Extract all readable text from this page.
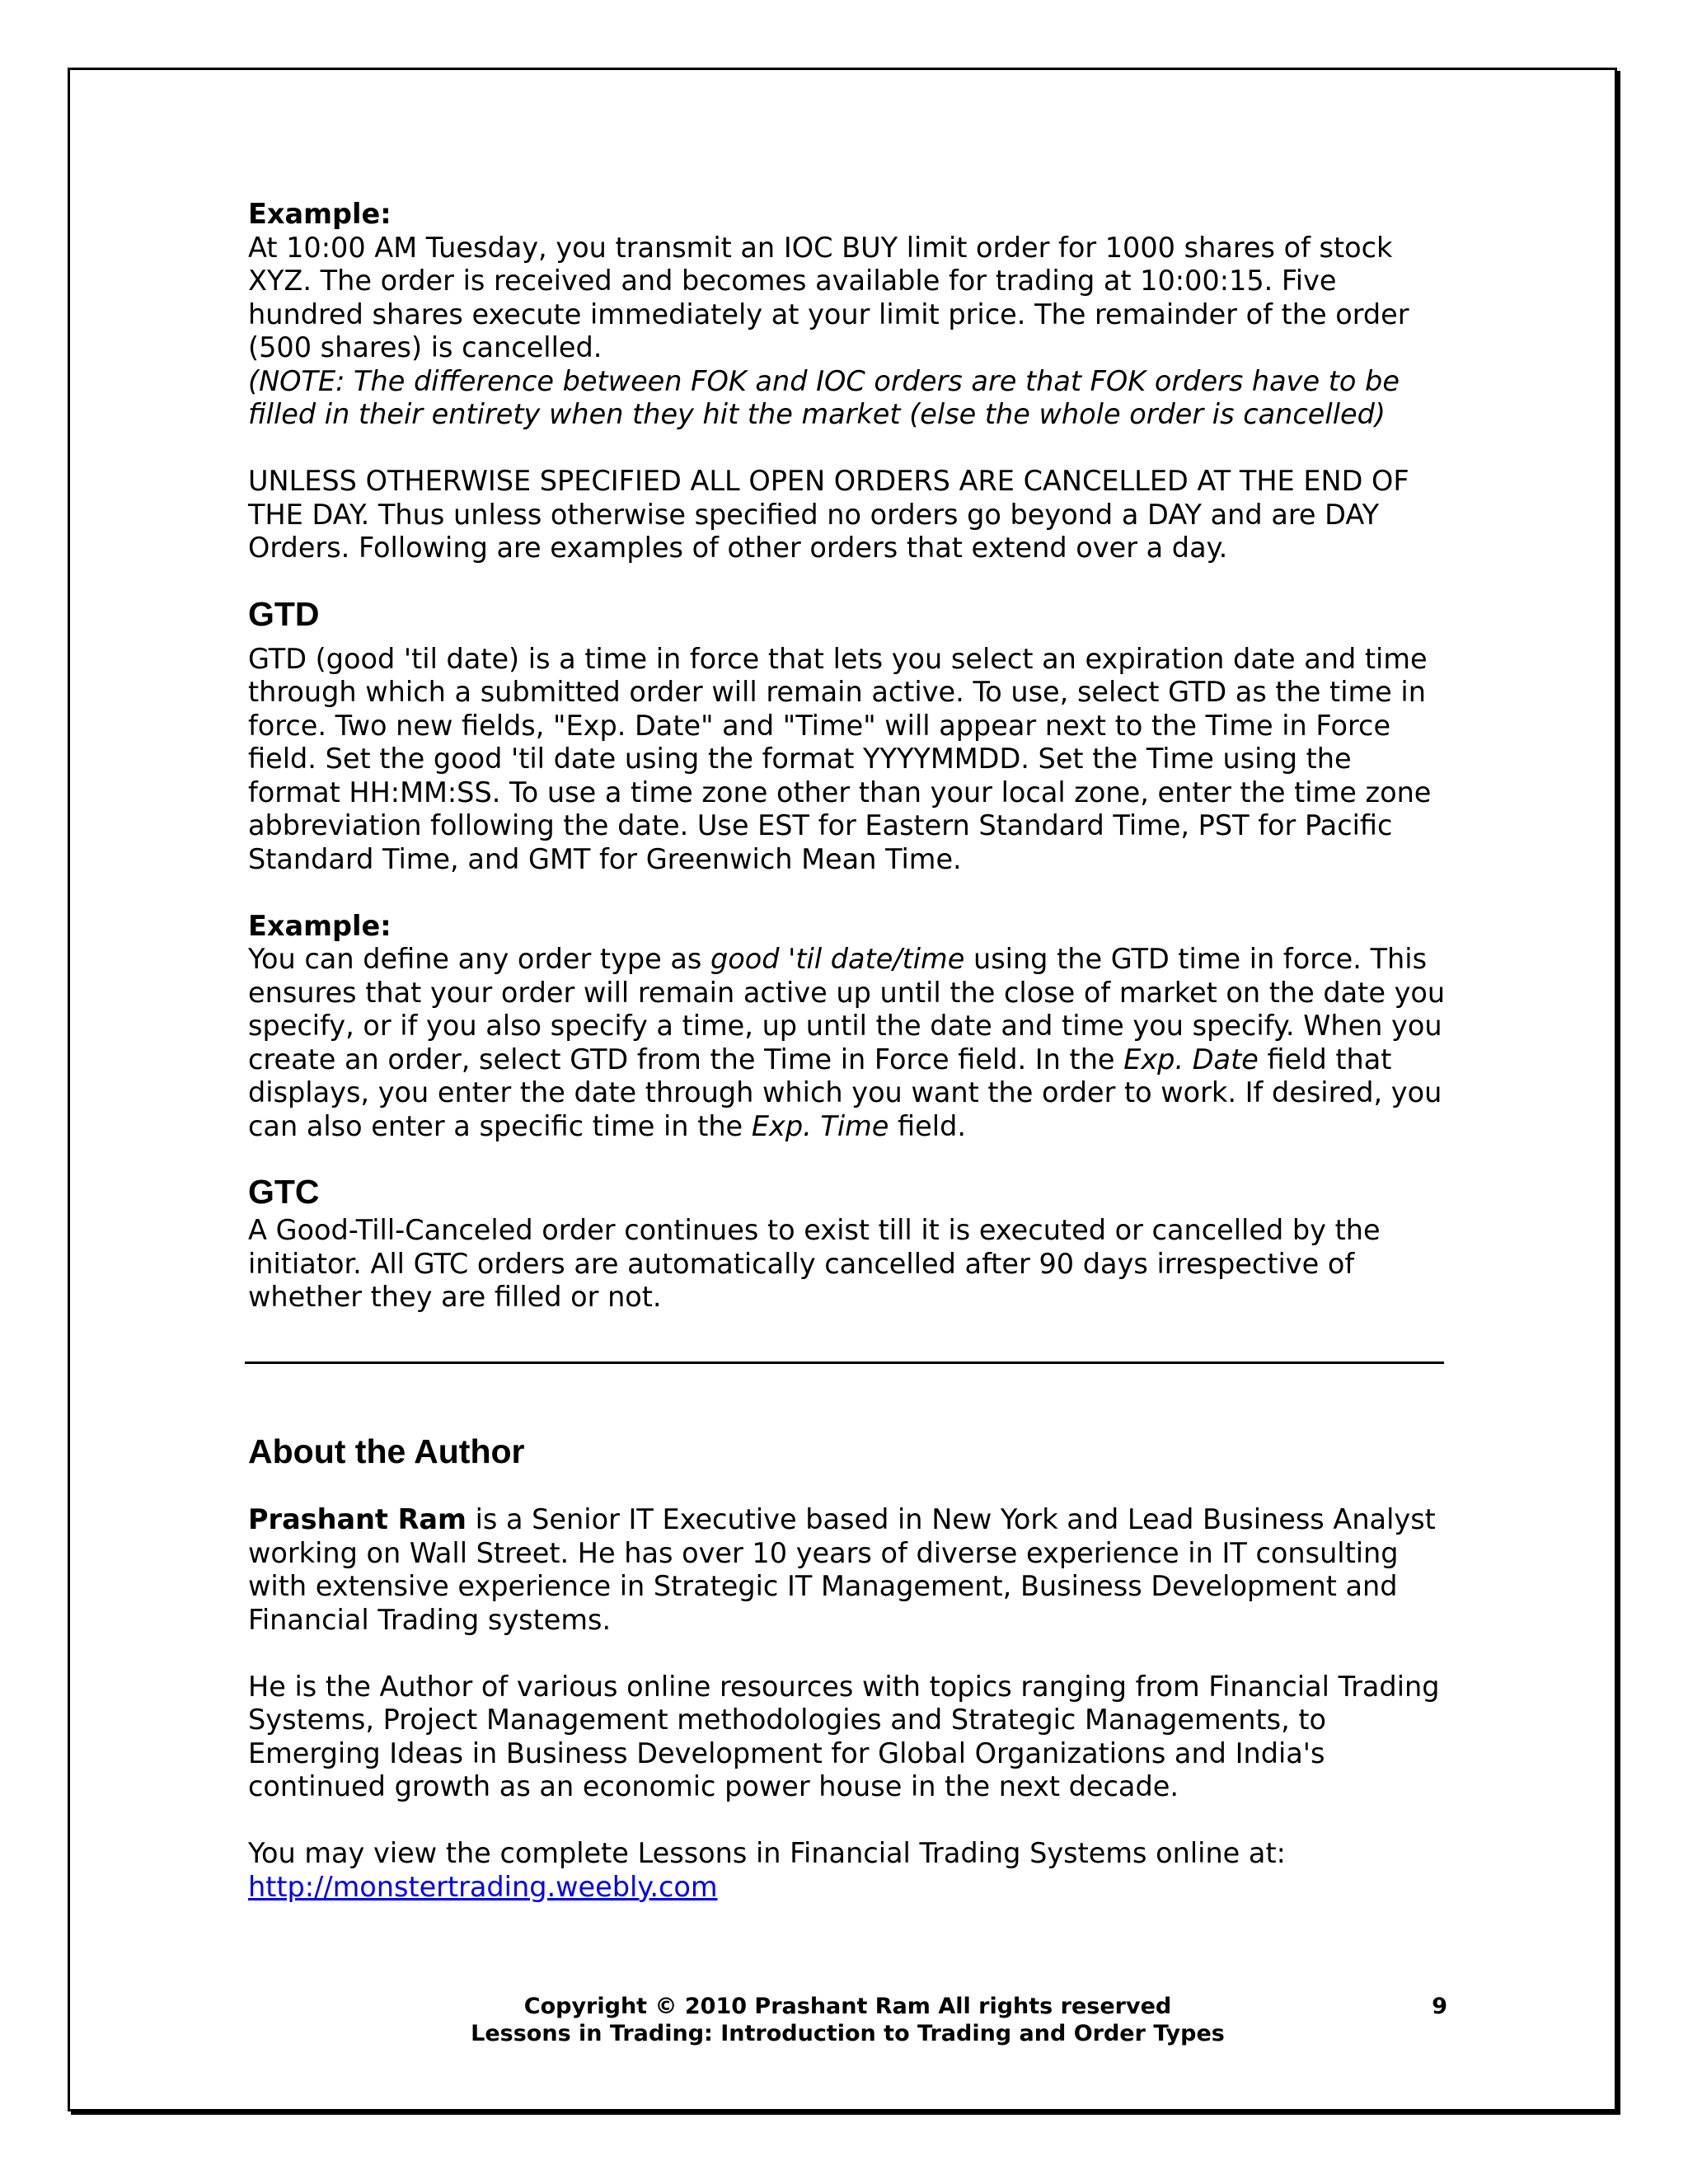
Example:

At 10:00 AM Tuesday, you transmit an IOC BUY limit order for 1000 shares of stock XYZ. The order is received and becomes available for trading at 10:00:15. Five hundred shares execute immediately at your limit price. The remainder of the order (500 shares) is cancelled.

(NOTE: The difference between FOK and IOC orders are that FOK orders have to be filled in their entirety when they hit the market (else the whole order is cancelled)

UNLESS OTHERWISE SPECIFIED ALL OPEN ORDERS ARE CANCELLED AT THE END OF THE DAY. Thus unless otherwise specified no orders go beyond a DAY and are DAY Orders. Following are examples of other orders that extend over a day.

GTD

GTD (good 'til date) is a time in force that lets you select an expiration date and time through which a submitted order will remain active. To use, select GTD as the time in force. Two new fields, "Exp. Date" and "Time" will appear next to the Time in Force field. Set the good 'til date using the format YYYYMMDD. Set the Time using the format HH:MM:SS. To use a time zone other than your local zone, enter the time zone abbreviation following the date. Use EST for Eastern Standard Time, PST for Pacific Standard Time, and GMT for Greenwich Mean Time.

Example:

You can define any order type as good 'til date/time using the GTD time in force. This ensures that your order will remain active up until the close of market on the date you specify, or if you also specify a time, up until the date and time you specify. When you create an order, select GTD from the Time in Force field. In the Exp. Date field that displays, you enter the date through which you want the order to work. If desired, you can also enter a specific time in the Exp. Time field.

GTC

A Good-Till-Canceled order continues to exist till it is executed or cancelled by the initiator. All GTC orders are automatically cancelled after 90 days irrespective of whether they are filled or not.

About the Author

Prashant Ram is a Senior IT Executive based in New York and Lead Business Analyst working on Wall Street. He has over 10 years of diverse experience in IT consulting with extensive experience in Strategic IT Management, Business Development and Financial Trading systems.

He is the Author of various online resources with topics ranging from Financial Trading Systems, Project Management methodologies and Strategic Managements, to Emerging Ideas in Business Development for Global Organizations and India's continued growth as an economic power house in the next decade.

You may view the complete Lessons in Financial Trading Systems online at:

http://monstertrading.weebly.com

Copyright © 2010 Prashant Ram All rights reserved
Lessons in Trading: Introduction to Trading and Order Types
9
